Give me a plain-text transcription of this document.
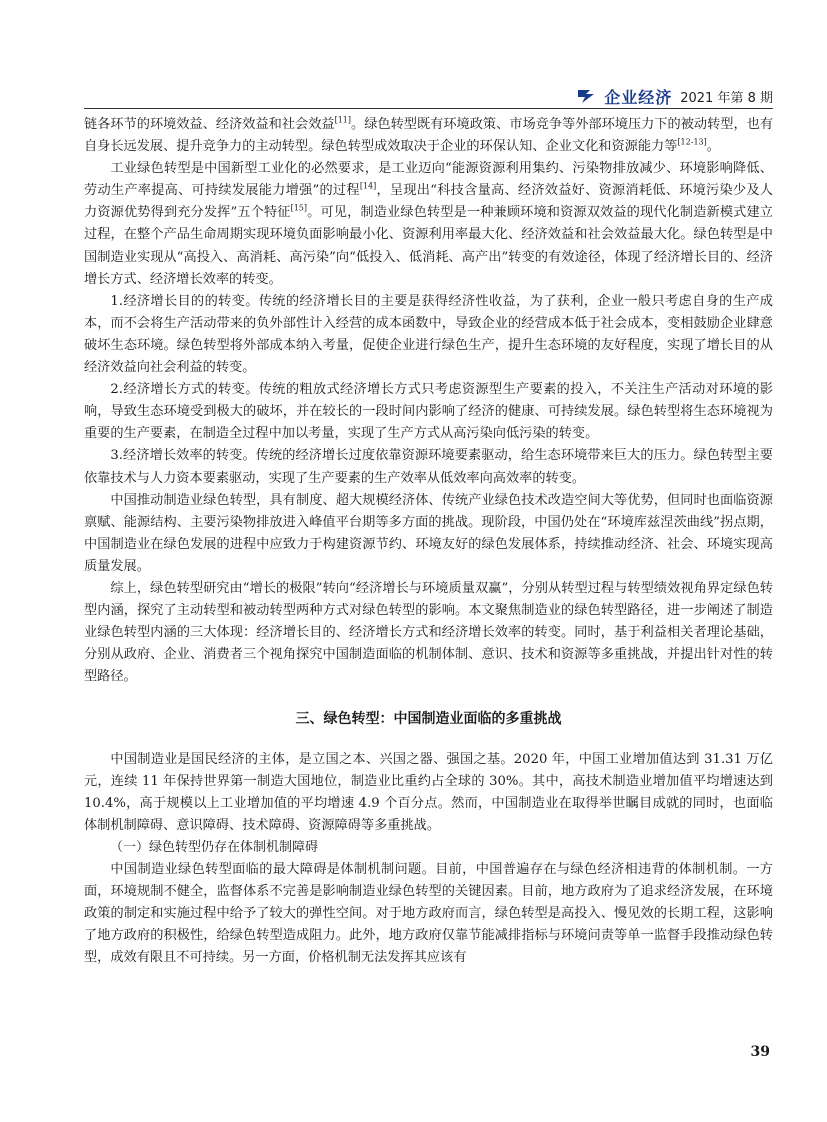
企业经济 2021 年第 8 期

链各环节的环境效益、经济效益和社会效益[11]。绿色转型既有环境政策、市场竞争等外部环境压力下的被动转型，也有自身长远发展、提升竞争力的主动转型。绿色转型成效取决于企业的环保认知、企业文化和资源能力等[12-13]。

工业绿色转型是中国新型工业化的必然要求，是工业迈向“能源资源利用集约、污染物排放减少、环境影响降低、劳动生产率提高、可持续发展能力增强”的过程[14]，呈现出“科技含量高、经济效益好、资源消耗低、环境污染少及人力资源优势得到充分发挥”五个特征[15]。可见，制造业绿色转型是一种兼顾环境和资源双效益的现代化制造新模式建立过程，在整个产品生命周期实现环境负面影响最小化、资源利用率最大化、经济效益和社会效益最大化。绿色转型是中国制造业实现从“高投入、高消耗、高污染”向“低投入、低消耗、高产出”转变的有效途径，体现了经济增长目的、经济增长方式、经济增长效率的转变。

1.经济增长目的的转变。传统的经济增长目的主要是获得经济性收益，为了获利，企业一般只考虑自身的生产成本，而不会将生产活动带来的负外部性计入经营的成本函数中，导致企业的经营成本低于社会成本，变相鼓励企业肆意破坏生态环境。绿色转型将外部成本纳入考量，促使企业进行绿色生产，提升生态环境的友好程度，实现了增长目的从经济效益向社会利益的转变。

2.经济增长方式的转变。传统的粗放式经济增长方式只考虑资源型生产要素的投入，不关注生产活动对环境的影响，导致生态环境受到极大的破坏，并在较长的一段时间内影响了经济的健康、可持续发展。绿色转型将生态环境视为重要的生产要素，在制造全过程中加以考量，实现了生产方式从高污染向低污染的转变。

3.经济增长效率的转变。传统的经济增长过度依靠资源环境要素驱动，给生态环境带来巨大的压力。绿色转型主要依靠技术与人力资本要素驱动，实现了生产要素的生产效率从低效率向高效率的转变。

中国推动制造业绿色转型，具有制度、超大规模经济体、传统产业绿色技术改造空间大等优势，但同时也面临资源禀赋、能源结构、主要污染物排放进入峰值平台期等多方面的挑战。现阶段，中国仍处在“环境库兹涅茨曲线”拐点期，中国制造业在绿色发展的进程中应致力于构建资源节约、环境友好的绿色发展体系，持续推动经济、社会、环境实现高质量发展。

综上，绿色转型研究由“增长的极限”转向“经济增长与环境质量双赢”，分别从转型过程与转型绩效视角界定绿色转型内涵，探究了主动转型和被动转型两种方式对绿色转型的影响。本文聚焦制造业的绿色转型路径，进一步阐述了制造业绿色转型内涵的三大体现：经济增长目的、经济增长方式和经济增长效率的转变。同时，基于利益相关者理论基础，分别从政府、企业、消费者三个视角探究中国制造面临的机制体制、意识、技术和资源等多重挑战，并提出针对性的转型路径。

三、绿色转型：中国制造业面临的多重挑战

中国制造业是国民经济的主体，是立国之本、兴国之器、强国之基。2020 年，中国工业增加值达到 31.31 万亿元，连续 11 年保持世界第一制造大国地位，制造业比重约占全球的 30%。其中，高技术制造业增加值平均增速达到 10.4%，高于规模以上工业增加值的平均增速 4.9 个百分点。然而，中国制造业在取得举世瞩目成就的同时，也面临体制机制障碍、意识障碍、技术障碍、资源障碍等多重挑战。

（一）绿色转型仍存在体制机制障碍

中国制造业绿色转型面临的最大障碍是体制机制问题。目前，中国普遍存在与绿色经济相违背的体制机制。一方面，环境规制不健全，监督体系不完善是影响制造业绿色转型的关键因素。目前，地方政府为了追求经济发展，在环境政策的制定和实施过程中给予了较大的弹性空间。对于地方政府而言，绿色转型是高投入、慢见效的长期工程，这影响了地方政府的积极性，给绿色转型造成阻力。此外，地方政府仅靠节能减排指标与环境问责等单一监督手段推动绿色转型，成效有限且不可持续。另一方面，价格机制无法发挥其应该有

39
